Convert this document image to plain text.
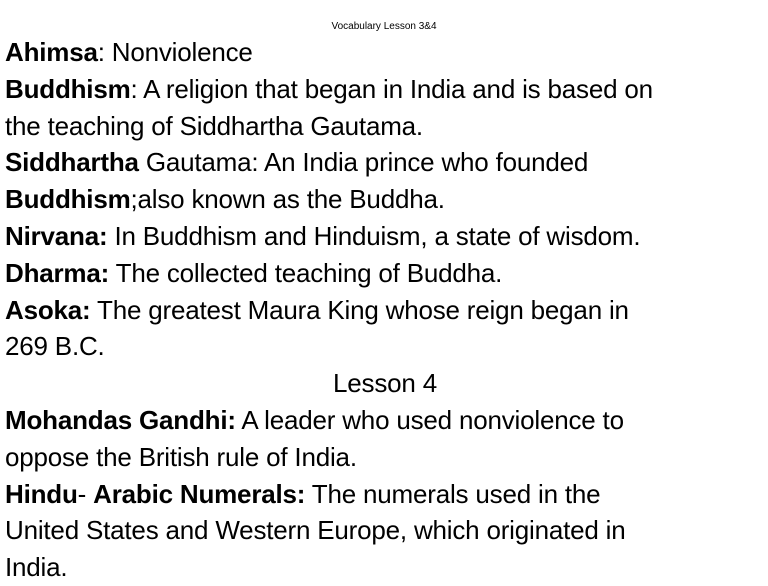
Vocabulary Lesson 3&4
Ahimsa: Nonviolence
Buddhism: A religion that began in India and is based on
the teaching of Siddhartha Gautama.
Siddhartha Gautama: An India prince who founded
Buddhism;also known as the Buddha.
Nirvana: In Buddhism and Hinduism, a state of wisdom.
Dharma: The collected teaching of Buddha.
Asoka: The greatest Maura King whose reign began in
269 B.C.
Lesson 4
Mohandas Gandhi: A leader who used nonviolence to
oppose the British rule of India.
Hindu- Arabic Numerals: The numerals used in the
United States and Western Europe, which originated in
India.
